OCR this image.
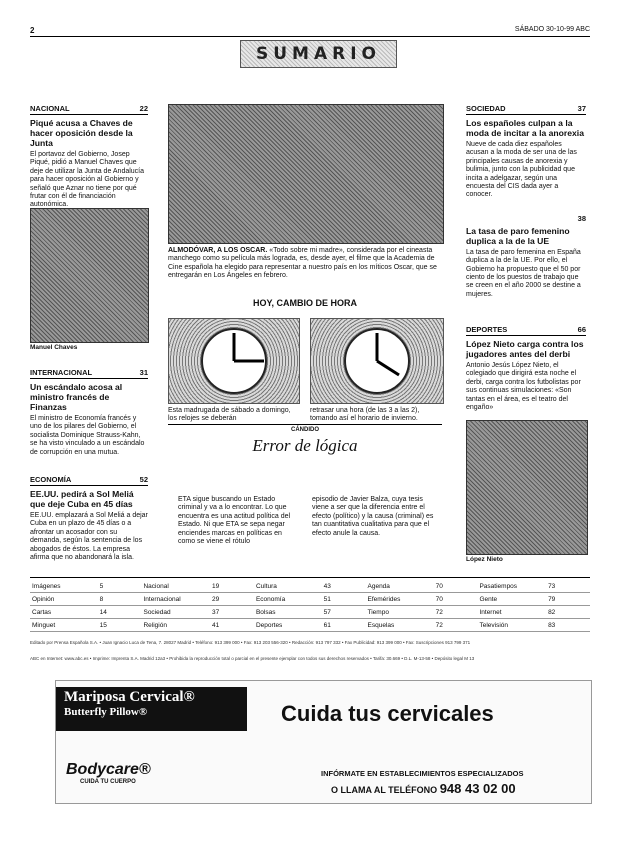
2	SÁBADO 30-10-99 ABC
SUMARIO
NACIONAL	22
Piqué acusa a Chaves de hacer oposición desde la Junta
El portavoz del Gobierno, Josep Piqué, pidió a Manuel Chaves que deje de utilizar la Junta de Andalucía para hacer oposición al Gobierno y señaló que Aznar no tiene por qué frutar con él de financiación autonómica.
Manuel Chaves
INTERNACIONAL	31
Un escándalo acosa al ministro francés de Finanzas
El ministro de Economía francés y uno de los pilares del Gobierno, el socialista Dominique Strauss-Kahn, se ha visto vinculado a un escándalo de corrupción en una mutua.
ECONOMÍA	52
EE.UU. pedirá a Sol Meliá que deje Cuba en 45 días
EE.UU. emplazará a Sol Meliá a dejar Cuba en un plazo de 45 días o a afrontar un acosador con su demanda, según la sentencia de los abogados de éstos. La empresa afirma que no abandonará la isla.
ALMODÓVAR, A LOS OSCAR. «Todo sobre mi madre», considerada por el cineasta manchego como su película más lograda, es, desde ayer, el filme que la Academia de Cine española ha elegido para representar a nuestro país en los míticos Oscar, que se entregarán en Los Ángeles en febrero.
HOY, CAMBIO DE HORA
Esta madrugada de sábado a domingo, los relojes se deberán
retrasar una hora (de las 3 a las 2), tomando así el horario de invierno.
CÁNDIDO
Error de lógica
ETA sigue buscando un Estado criminal y va a lo encontrar. Lo que encuentra es una actitud política del Estado. Ni que ETA se sepa negar enciendes marcas en políticas en como se viene el rótulo
episodio de Javier Balza, cuya tesis viene a ser que la diferencia entre el efecto (político) y la causa (criminal) es tan cuantitativa cualitativa para que el efecto anule la causa.
SOCIEDAD	37
Los españoles culpan a la moda de incitar a la anorexia
Nueve de cada diez españoles acusan a la moda de ser una de las principales causas de anorexia y bulimia, junto con la publicidad que incita a adelgazar, según una encuesta del CIS dada ayer a conocer.
38
La tasa de paro femenino duplica a la de la UE
La tasa de paro femenina en España duplica a la de la UE. Por ello, el Gobierno ha propuesto que el 50 por ciento de los puestos de trabajo que se creen en el año 2000 se destine a mujeres.
DEPORTES	66
López Nieto carga contra los jugadores antes del derbi
Antonio Jesús López Nieto, el colegiado que dirigirá esta noche el derbi, carga contra los futbolistas por sus continuas simulaciones: «Son tantas en el área, es el teatro del engaño»
López Nieto
Imágenes	5	Nacional	19	Cultura	43	Agenda	70	Pasatiempos	73
Opinión	8	Internacional	29	Economía	51	Efemérides	70	Gente	79
Cartas	14	Sociedad	37	Bolsas	57	Tiempo	72	Internet	82
Minguet	15	Religión	41	Deportes	61	Esquelas	72	Televisión	83
Editado por Prensa Española S.A. • Juan Ignacio Luca de Tena, 7. 28027 Madrid • Teléfono: 913 399 000 • Fax: 913 203 556-320 • Redacción: 913 797 332 • Fax Publicidad: 913 399 000 • Fax: Suscripciones 913 799 371
ABC en Internet: www.abc.es • Imprime: Imprenta S.A. Madrid 12a3 • Prohibida la reproducción total o parcial en el presente ejemplar con todos sus derechos reservados • Tarifa: 30.669 • D.L. M-13-58 • Depósito legal M 13
Mariposa Cervical®
Butterfly Pillow®	Cuida tus cervicales
Bodycare®
CUIDA TU CUERPO
INFÓRMATE EN ESTABLECIMIENTOS ESPECIALIZADOS
O LLAMA AL TELÉFONO 948 43 02 00
